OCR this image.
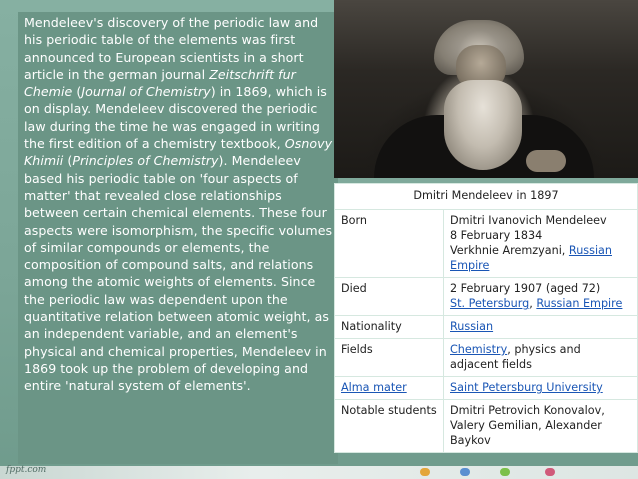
Mendeleev's discovery of the periodic law and his periodic table of the elements was first announced to European scientists in a short article in the german journal Zeitschrift fur Chemie (Journal of Chemistry) in 1869, which is on display. Mendeleev discovered the periodic law during the time he was engaged in writing the first edition of a chemistry textbook, Osnovy Khimii (Principles of Chemistry). Mendeleev based his periodic table on 'four aspects of matter' that revealed close relationships between certain chemical elements. These four aspects were isomorphism, the specific volumes of similar compounds or elements, the composition of compound salts, and relations among the atomic weights of elements. Since the periodic law was dependent upon the quantitative relation between atomic weight, as an independent variable, and an element's physical and chemical properties, Mendeleev in 1869 took up the problem of developing and entire 'natural system of elements'.
Dmitri Mendeleev in 1897	
Born	Dmitri Ivanovich Mendeleev
8 February 1834
Verkhnie Aremzyani, Russian Empire

Died	2 February 1907 (aged 72)
St. Petersburg, Russian Empire

Nationality	Russian
Fields	Chemistry, physics and adjacent fields
Alma mater	Saint Petersburg University
Notable students	Dmitri Petrovich Konovalov, Valery Gemilian, Alexander Baykov
fppt.com
